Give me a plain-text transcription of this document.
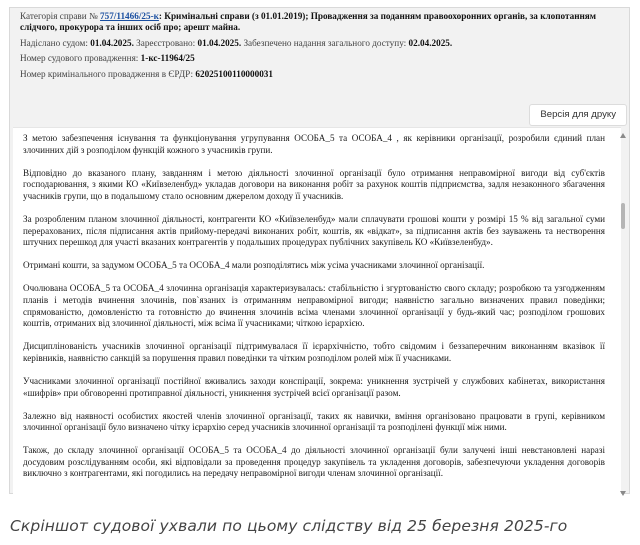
Категорія справи № 757/11466/25-к: Кримінальні справи (з 01.01.2019); Провадження за поданням правоохоронних органів, за клопотанням слідчого, прокурора та інших осіб про; арешт майна.
Надіслано судом: 01.04.2025. Зареєстровано: 01.04.2025. Забезпечено надання загального доступу: 02.04.2025.
Номер судового провадження: 1-кс-11964/25
Номер кримінального провадження в ЄРДР: 62025100110000031
Версія для друку

З метою забезпечення існування та функціонування угрупування ОСОБА_5 та ОСОБА_4 , як керівники організації, розробили єдиний план злочинних дій з розподілом функцій кожного з учасників групи.

Відповідно до вказаного плану, завданням і метою діяльності злочинної організації було отримання неправомірної вигоди від суб'єктів господарювання, з якими КО «Київзеленбуд» укладав договори на виконання робіт за рахунок коштів підприємства, задля незаконного збагачення учасників групи, що в подальшому стало основним джерелом доходу її учасників.

За розробленим планом злочинної діяльності, контрагенти КО «Київзеленбуд» мали сплачувати грошові кошти у розмірі 15 % від загальної суми перерахованих, після підписання актів прийому-передачі виконаних робіт, коштів, як «відкат», за підписання актів без зауважень та нестворення штучних перешкод для участі вказаних контрагентів у подальших процедурах публічних закупівель КО «Київзеленбуд».

Отримані кошти, за задумом ОСОБА_5 та ОСОБА_4 мали розподілятись між усіма учасниками злочинної організації.

Очолювана ОСОБА_5 та ОСОБА_4 злочинна організація характеризувалась: стабільністю і згуртованістю свого складу; розробкою та узгодженням планів і методів вчинення злочинів, пов`язаних із отриманням неправомірної вигоди; наявністю загально визначених правил поведінки; спрямованістю, домовленістю та готовністю до вчинення злочинів всіма членами злочинної організації у будь-який час; розподілом грошових коштів, отриманих від злочинної діяльності, між всіма її учасниками; чіткою ієрархією.

Дисциплінованість учасників злочинної організації підтримувалася її ієрархічністю, тобто свідомим і беззаперечним виконанням вказівок її керівників, наявністю санкцій за порушення правил поведінки та чітким розподілом ролей між її учасниками.

Учасниками злочинної організації постійної вживались заходи конспірації, зокрема: уникнення зустрічей у службових кабінетах, використання «шифрів» при обговоренні протиправної діяльності, уникнення зустрічей всієї організації разом.

Залежно від наявності особистих якостей членів злочинної організації, таких як навички, вміння організовано працювати в групі, керівником злочинної організації було визначено чітку ієрархію серед учасників злочинної організації та розподілені функції між ними.

Також, до складу злочинної організації ОСОБА_5 та ОСОБА_4 до діяльності злочинної організації були залучені інші невстановлені наразі досудовим розслідуванням особи, які відповідали за проведення процедур закупівель та укладення договорів, забезпечуючи укладення договорів виключно з контрагентами, які погодились на передачу неправомірної вигоди членам злочинної організації.

Скріншот судової ухвали по цьому слідству від 25 березня 2025-го
